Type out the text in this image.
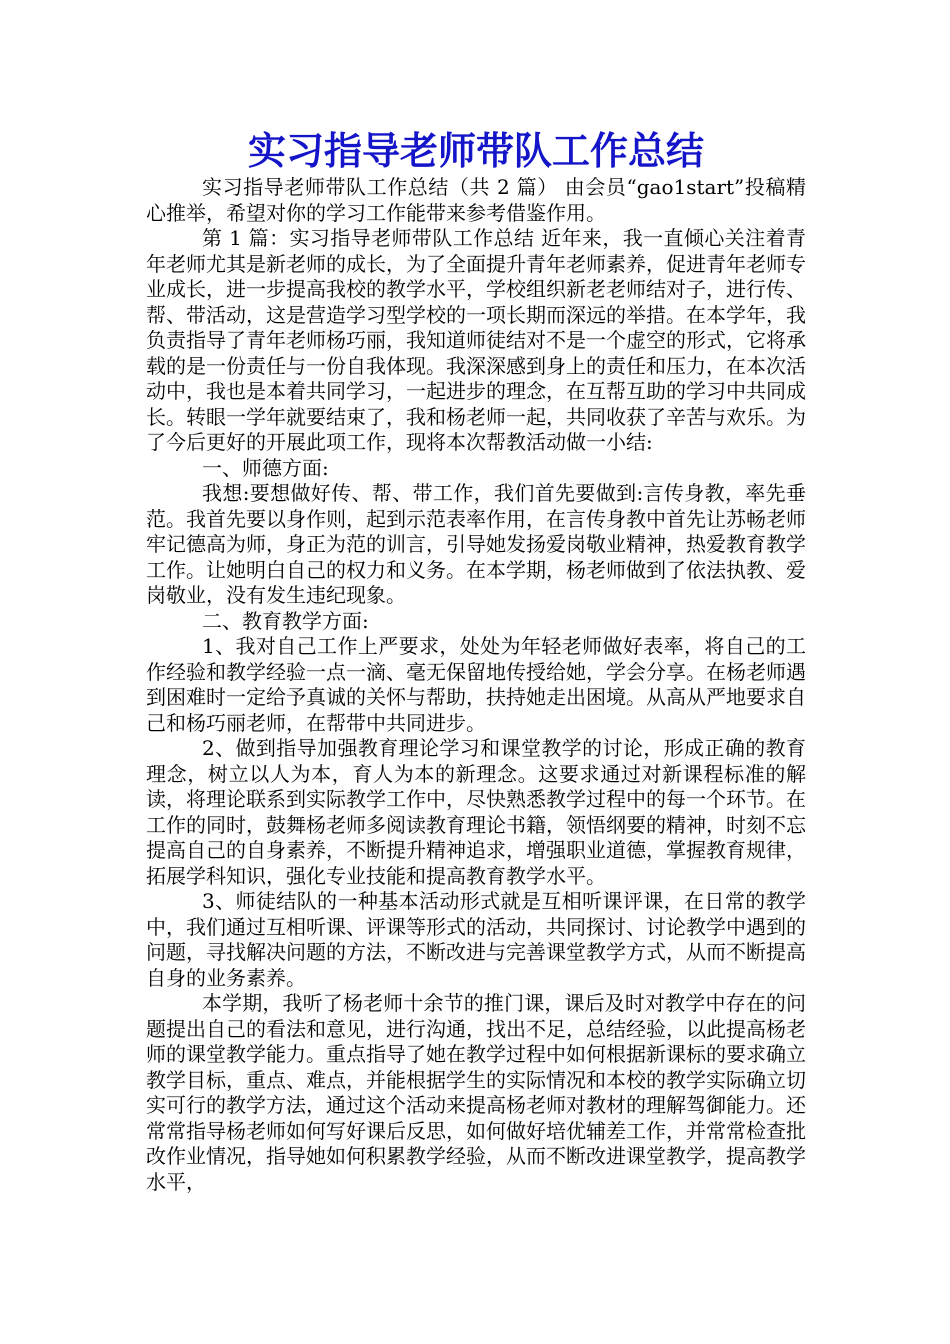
实习指导老师带队工作总结

实习指导老师带队工作总结（共 2 篇） 由会员“gao1start”投稿精心推举，希望对你的学习工作能带来参考借鉴作用。

第 1 篇：实习指导老师带队工作总结 近年来，我一直倾心关注着青年老师尤其是新老师的成长，为了全面提升青年老师素养，促进青年老师专业成长，进一步提高我校的教学水平，学校组织新老老师结对子，进行传、帮、带活动，这是营造学习型学校的一项长期而深远的举措。在本学年，我负责指导了青年老师杨巧丽，我知道师徒结对不是一个虚空的形式，它将承载的是一份责任与一份自我体现。我深深感到身上的责任和压力，在本次活动中，我也是本着共同学习，一起进步的理念，在互帮互助的学习中共同成长。转眼一学年就要结束了，我和杨老师一起，共同收获了辛苦与欢乐。为了今后更好的开展此项工作，现将本次帮教活动做一小结:

一、师德方面:

我想:要想做好传、帮、带工作，我们首先要做到:言传身教，率先垂范。我首先要以身作则，起到示范表率作用，在言传身教中首先让苏畅老师牢记德高为师，身正为范的训言，引导她发扬爱岗敬业精神，热爱教育教学工作。让她明白自己的权力和义务。在本学期，杨老师做到了依法执教、爱岗敬业，没有发生违纪现象。

二、教育教学方面:

1、我对自己工作上严要求，处处为年轻老师做好表率，将自己的工作经验和教学经验一点一滴、毫无保留地传授给她，学会分享。在杨老师遇到困难时一定给予真诚的关怀与帮助，扶持她走出困境。从高从严地要求自己和杨巧丽老师，在帮带中共同进步。

2、做到指导加强教育理论学习和课堂教学的讨论，形成正确的教育理念，树立以人为本，育人为本的新理念。这要求通过对新课程标准的解读，将理论联系到实际教学工作中，尽快熟悉教学过程中的每一个环节。在工作的同时，鼓舞杨老师多阅读教育理论书籍，领悟纲要的精神，时刻不忘提高自己的自身素养，不断提升精神追求，增强职业道德，掌握教育规律，拓展学科知识，强化专业技能和提高教育教学水平。

3、师徒结队的一种基本活动形式就是互相听课评课，在日常的教学中，我们通过互相听课、评课等形式的活动，共同探讨、讨论教学中遇到的问题，寻找解决问题的方法，不断改进与完善课堂教学方式，从而不断提高自身的业务素养。

本学期，我听了杨老师十余节的推门课，课后及时对教学中存在的问题提出自己的看法和意见，进行沟通，找出不足，总结经验，以此提高杨老师的课堂教学能力。重点指导了她在教学过程中如何根据新课标的要求确立教学目标，重点、难点，并能根据学生的实际情况和本校的教学实际确立切实可行的教学方法，通过这个活动来提高杨老师对教材的理解驾御能力。还常常指导杨老师如何写好课后反思，如何做好培优辅差工作，并常常检查批改作业情况，指导她如何积累教学经验，从而不断改进课堂教学，提高教学水平，
